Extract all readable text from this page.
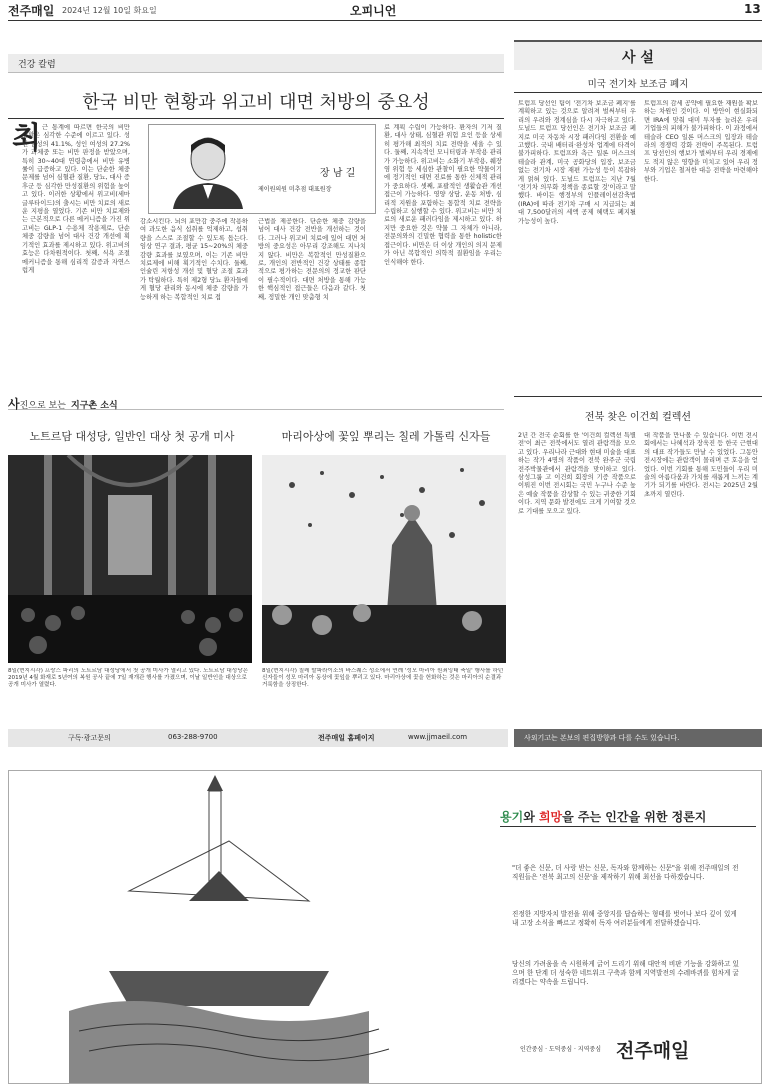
전주매일 2024년 12월 10일 화요일	오피니언	13
건강 칼럼
한국 비만 현황과 위고비 대면 처방의 중요성
최
장 남 길
제이원의원 미추점 대표원장
근 통계에 따르면 한국의 비만 상황은 심각한 수준에 이르고 있다. 성인 남성의 41.1%, 성인 여성의 27.2%가 과체중 또는 비만 판정을 받았으며, 특히 30~40대 연령층에서 비만 유병률이 급증하고 있다. 이는 단순한 체중 문제를 넘어 심혈관 질환, 당뇨, 대사 증후군 등 심각한 만성질환의 위험을 높이고 있다. 이러한 상황에서 위고비(세마글루타이드)의 출시는 비만 치료의 새로운 지평을 열었다. 기존 비만 치료제와는 근본적으로 다른 메커니즘을 가진 위고비는 GLP-1 수용체 작용제로, 단순 체중 감량을 넘어 대사 건강 개선에 획기적인 효과를 제시하고 있다. 위고비의 효능은 다차원적이다. 첫째, 식욕 조절 메커니즘을 통해 심리적 갈증과 자연스럽게
감소시킨다. 뇌의 포만감 중추에 작용하여 과도한 음식 섭취를 억제하고, 섭취량을 스스로 조절할 수 있도록 돕는다. 임상 연구 결과, 평균 15~20%의 체중 감량 효과를 보였으며, 이는 기존 비만 치료제에 비해 획기적인 수치다. 둘째, 인슐린 저항성 개선 및 혈당 조절 효과가 탁월하다. 특히 제2형 당뇨 환자들에게 혈당 관리와 동시에 체중 감량을 가능하게 하는 복합적인 치료 접
근법을 제공한다. 단순한 체중 감량을 넘어 대사 건강 전반을 개선하는 것이다. 그러나 위고비 치료에 있어 대면 처방의 중요성은 아무리 강조해도 지나치지 않다. 비만은 복합적인 만성질환으로, 개인의 전반적인 건강 상태를 종합적으로 평가하는 전문의의 정교한 판단이 필수적이다. 대면 처방을 통해 가능한 핵심적인 접근들은 다음과 같다. 첫째, 정밀한 개인 맞춤형 치
료 계획 수립이 가능하다. 환자의 기저 질환, 대사 상태, 심혈관 위험 요인 등을 상세히 평가해 최적의 치료 전략을 세울 수 있다. 둘째, 지속적인 모니터링과 부작용 관리가 가능하다. 위고비는 소화기 부작용, 췌장염 위험 등 세심한 관찰이 필요한 약물이기에 정기적인 대면 진료를 통한 신체적 관리가 중요하다. 셋째, 포괄적인 생활습관 개선 접근이 가능하다. 영양 상담, 운동 처방, 심리적 지원을 포함하는 통합적 치료 전략을 수립하고 실행할 수 있다. 위고비는 비만 치료의 새로운 패러다임을 제시하고 있다. 하지만 중요한 것은 약물 그 자체가 아니라, 전문의와의 긴밀한 협력을 통한 holistic한 접근이다. 비만은 더 이상 개인의 의지 문제가 아닌 복합적인 의학적 질환임을 우리는 인식해야 한다.
사 설
미국 전기차 보조금 폐지
트럼프 당선인 팀이 '전기차 보조금 폐지'를 계획하고 있는 것으로 알려져 벌써부터 우리의 우려와 경계심을 다시 자극하고 있다. 도널드 트럼프 당선인은 전기차 보조금 폐지로 미국 자동차 시장 패러다임 전환을 예고했다. 국내 배터리·완성차 업계에 타격이 불가피하다. 트럼프와 측근 일론 머스크의 테슬라 관계, 미국 공화당의 입장, 보조금 없는 전기차 시장 재편 가능성 등이 복잡하게 얽혀 있다. 도널드 트럼프는 지난 7월 '전기차 의무화 정책을 종료할 것'이라고 말했다. 바이든 행정부의 인플레이션감축법(IRA)에 따라 전기차 구매 시 지급되는 최대 7,500달러의 세액 공제 혜택도 폐지될 가능성이 높다.
트럼프의 감세 공약에 필요한 재원을 확보하는 차원인 것이다. 이 방안이 현실화되면 IRA에 맞춰 대미 투자를 늘려온 우리 기업들의 피해가 불가피하다. 이 과정에서 테슬라 CEO 일론 머스크의 입장과 테슬라의 경쟁력 강화 전략이 주목된다. 트럼프 당선인의 행보가 벌써부터 우리 경제에도 적지 않은 영향을 미치고 있어 우리 정부와 기업은 철저한 대응 전략을 마련해야 한다.
전북 찾은 이건희 컬렉션
2년 간 전국 순회를 한 '이건희 컬렉션 특별전'이 최근 전북에서도 열려 관람객을 모으고 있다. 우리나라 근대와 현대 미술을 대표하는 작가 4명의 작품이 전북 완주군 국립전주박물관에서 관람객을 맞이하고 있다. 삼성그룹 고 이건희 회장의 기증 작품으로 이뤄진 이번 전시회는 국민 누구나 수준 높은 예술 작품을 감상할 수 있는 귀중한 기회이다. 지역 문화 발전에도 크게 기여할 것으로 기대를 모으고 있다.
대 작품을 만나볼 수 있습니다. 이번 전시회에서는 나혜석과 장욱진 등 한국 근현대의 대표 작가들도 만날 수 있었다. 그동안 전시장에는 관람객이 몰리며 큰 호응을 얻었다. 이번 기회를 통해 도민들이 우리 미술의 아름다움과 가치를 새롭게 느끼는 계기가 되기를 바란다. 전시는 2025년 2월 초까지 열린다.
사진으로 보는 지구촌 소식
노트르담 대성당, 일반인 대상 첫 공개 미사	마리아상에 꽃잎 뿌리는 칠레 가톨릭 신자들
8일(현지시각) 프랑스 파리의 노트르담 대성당에서 첫 공개 미사가 열리고 있다. 노트르담 대성당은 2019년 4월 화재로 5년여의 복원 공사 끝에 7일 재개관 행사를 가졌으며, 이날 일반인을 대상으로 공개 미사가 열렸다.
8일(현지시각) 칠레 발파라이소의 바스퀘스 성소에서 연례 '성모 마리아 원죄잉태 축일' 행사를 하던 신자들이 성모 마리아 동상에 꽃잎을 뿌리고 있다. 마리아상에 꽃을 헌화하는 것은 마리아의 순결과 거룩함을 상징한다.
구독·광고문의	063-288-9700	전주매일 홈페이지	www.jjmaeil.com	사외기고는 본보의 편집방향과 다를 수도 있습니다.
용기와 희망을 주는 인간을 위한 정론지
"더 좋은 신문, 더 사랑 받는 신문, 독자와 함께하는 신문"을 위해 전주매일의 전 직원들은 '전북 최고의 신문'을 제작하기 위해 최선을 다하겠습니다.
진정한 지방자치 발전을 위해 중앙지를 답습하는 형태를 벗어나 보다 깊이 있게 내 고장 소식을 빠르고 정확히 독자 여러분들에게 전달하겠습니다.
당신의 가려움을 속 시원하게 긁어 드리기 위해 대안적 비판 기능을 강화하고 있으며 한 단계 더 성숙한 네트워크 구축과 함께 지역발전의 수레바퀴를 힘차게 굴리겠다는 약속을 드립니다.
인간중심 · 도덕중심 · 지역중심 전주매일
